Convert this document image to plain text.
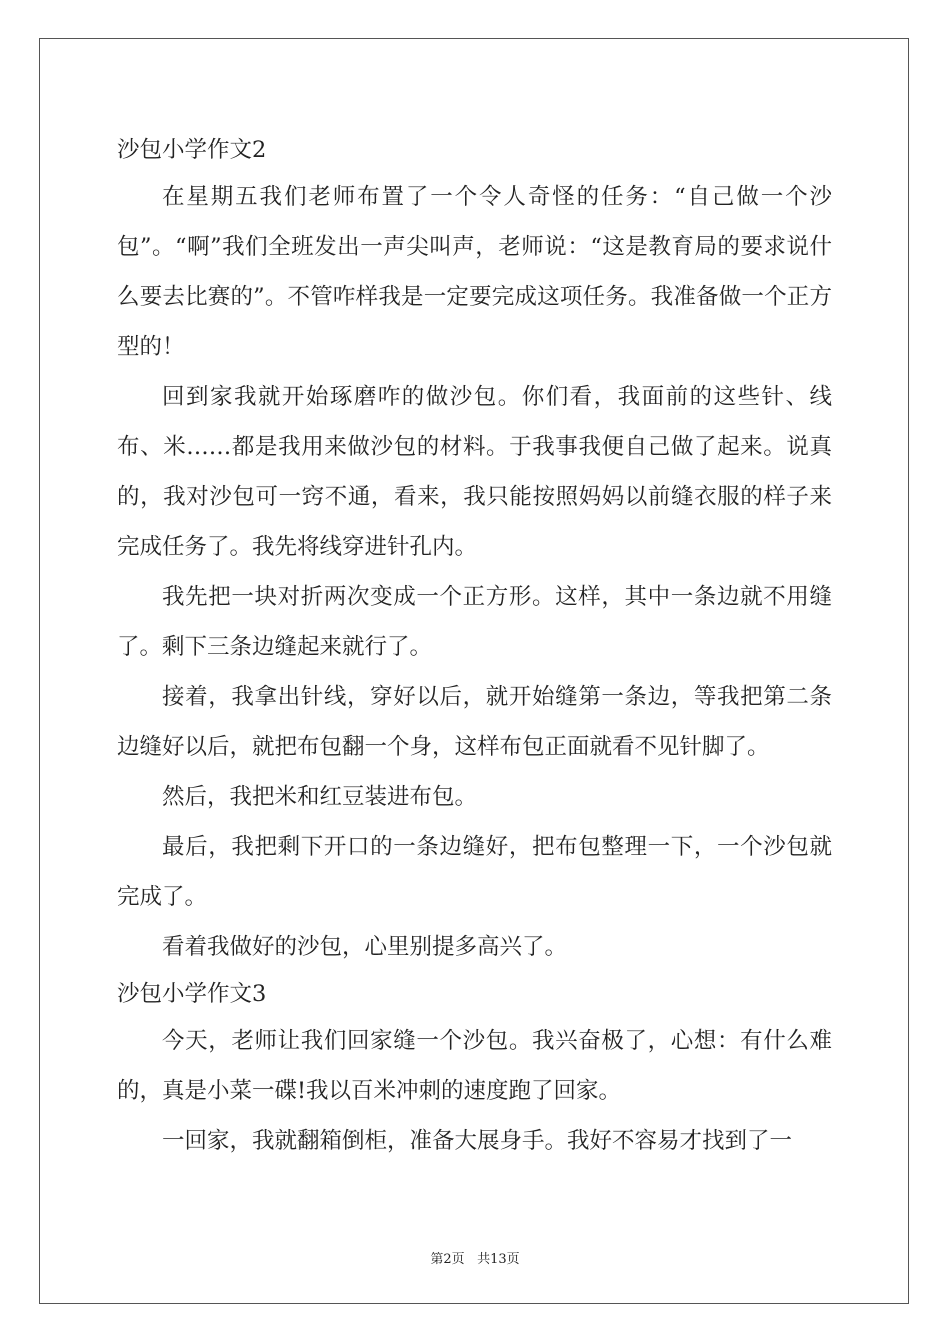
沙包小学作文2

在星期五我们老师布置了一个令人奇怪的任务：“自己做一个沙包”。“啊”我们全班发出一声尖叫声，老师说：“这是教育局的要求说什么要去比赛的”。不管咋样我是一定要完成这项任务。我准备做一个正方型的！

回到家我就开始琢磨咋的做沙包。你们看，我面前的这些针、线布、米……都是我用来做沙包的材料。于我事我便自己做了起来。说真的，我对沙包可一窍不通，看来，我只能按照妈妈以前缝衣服的样子来完成任务了。我先将线穿进针孔内。

我先把一块对折两次变成一个正方形。这样，其中一条边就不用缝了。剩下三条边缝起来就行了。

接着，我拿出针线，穿好以后，就开始缝第一条边，等我把第二条边缝好以后，就把布包翻一个身，这样布包正面就看不见针脚了。

然后，我把米和红豆装进布包。

最后，我把剩下开口的一条边缝好，把布包整理一下，一个沙包就完成了。

看着我做好的沙包，心里别提多高兴了。

沙包小学作文3

今天，老师让我们回家缝一个沙包。我兴奋极了，心想：有什么难的，真是小菜一碟!我以百米冲刺的速度跑了回家。

一回家，我就翻箱倒柜，准备大展身手。我好不容易才找到了一

第2页 共13页
